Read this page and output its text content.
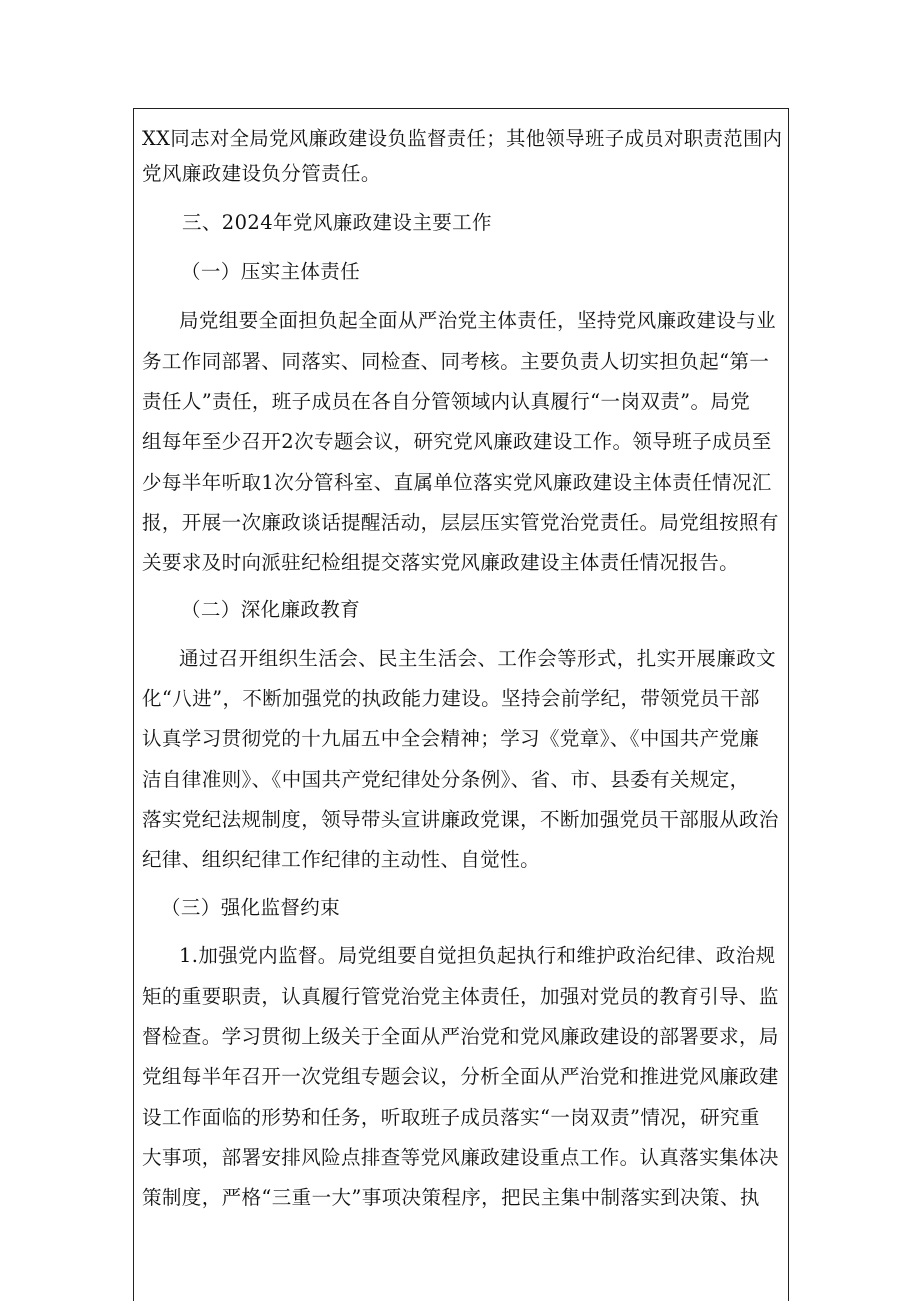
XX同志对全局党风廉政建设负监督责任；其他领导班子成员对职责范围内
党风廉政建设负分管责任。
三、2024年党风廉政建设主要工作
（一）压实主体责任
局党组要全面担负起全面从严治党主体责任，坚持党风廉政建设与业
务工作同部署、同落实、同检查、同考核。主要负责人切实担负起“第一
责任人”责任，班子成员在各自分管领域内认真履行“一岗双责”。局党
组每年至少召开2次专题会议，研究党风廉政建设工作。领导班子成员至
少每半年听取1次分管科室、直属单位落实党风廉政建设主体责任情况汇
报，开展一次廉政谈话提醒活动，层层压实管党治党责任。局党组按照有
关要求及时向派驻纪检组提交落实党风廉政建设主体责任情况报告。
（二）深化廉政教育
通过召开组织生活会、民主生活会、工作会等形式，扎实开展廉政文
化“八进”，不断加强党的执政能力建设。坚持会前学纪，带领党员干部
认真学习贯彻党的十九届五中全会精神；学习《党章》、《中国共产党廉
洁自律准则》、《中国共产党纪律处分条例》、省、市、县委有关规定，
落实党纪法规制度，领导带头宣讲廉政党课，不断加强党员干部服从政治
纪律、组织纪律工作纪律的主动性、自觉性。
（三）强化监督约束
1.加强党内监督。局党组要自觉担负起执行和维护政治纪律、政治规
矩的重要职责，认真履行管党治党主体责任，加强对党员的教育引导、监
督检查。学习贯彻上级关于全面从严治党和党风廉政建设的部署要求，局
党组每半年召开一次党组专题会议，分析全面从严治党和推进党风廉政建
设工作面临的形势和任务，听取班子成员落实“一岗双责”情况，研究重
大事项，部署安排风险点排查等党风廉政建设重点工作。认真落实集体决
策制度，严格“三重一大”事项决策程序，把民主集中制落实到决策、执
